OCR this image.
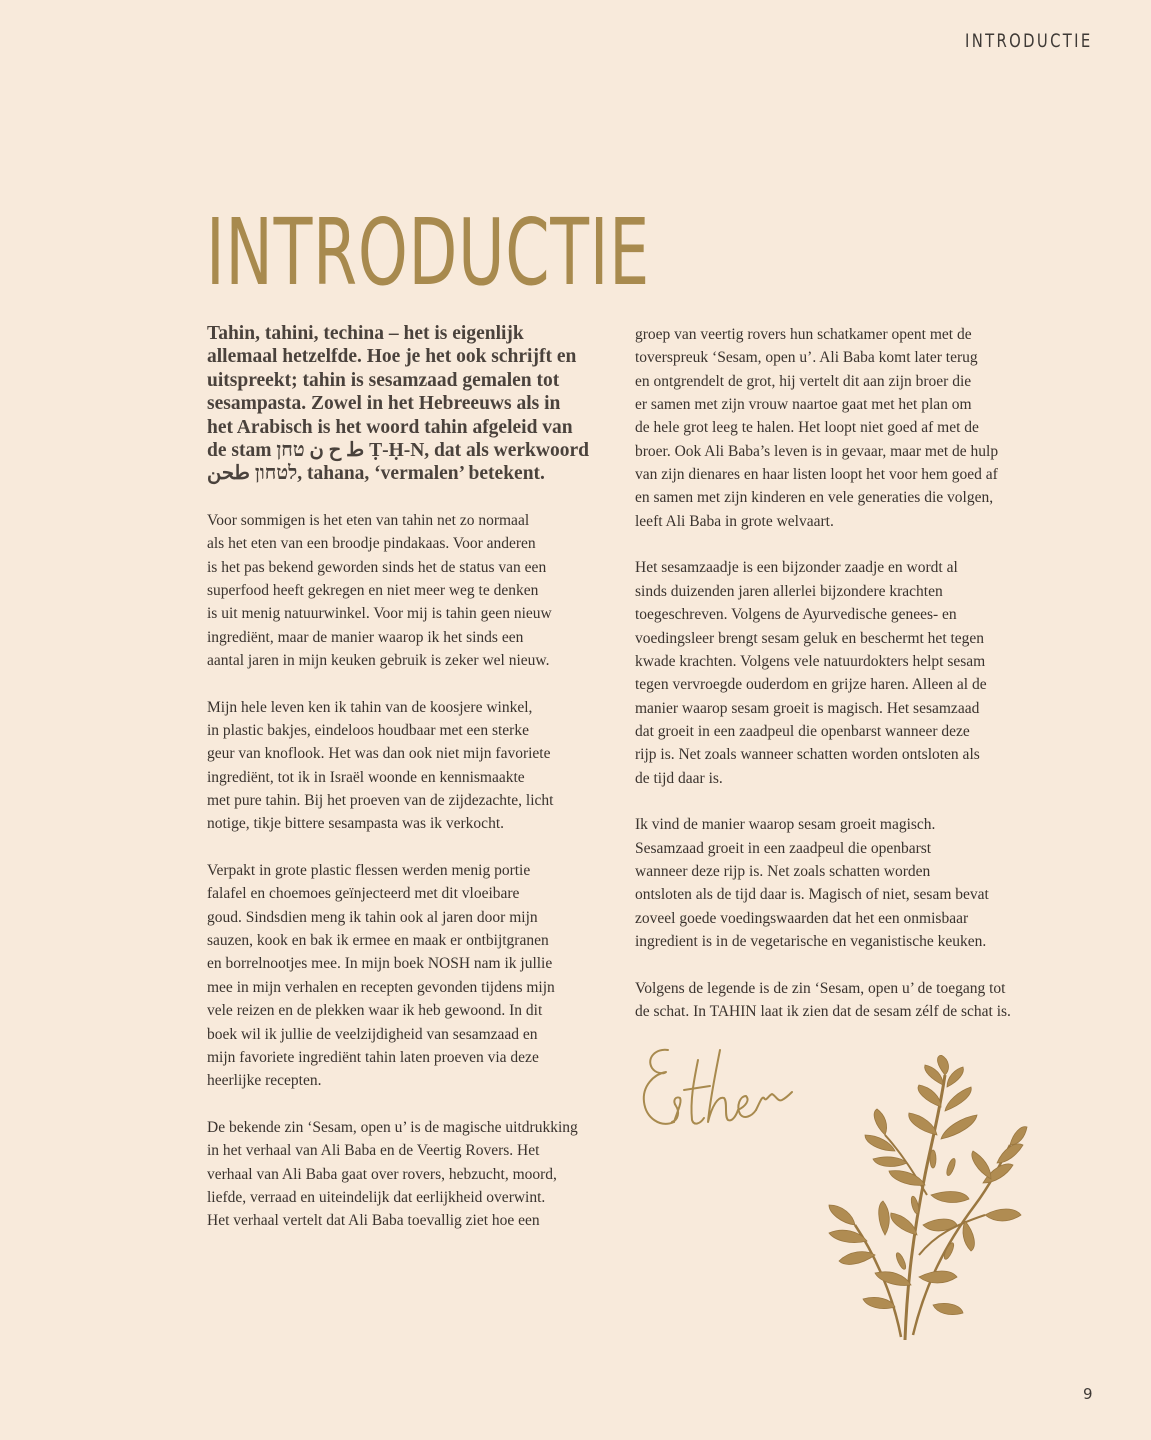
INTRODUCTIE
INTRODUCTIE
Tahin, tahini, techina – het is eigenlijk
allemaal hetzelfde. Hoe je het ook schrijft en
uitspreekt; tahin is sesamzaad gemalen tot
sesampasta. Zowel in het Hebreeuws als in
het Arabisch is het woord tahin afgeleid van
de stam ط ح ن טחן Ṭ-Ḥ-N, dat als werkwoord
לטחון طحن, tahana, ‘vermalen’ betekent.
Voor sommigen is het eten van tahin net zo normaal
als het eten van een broodje pindakaas. Voor anderen
is het pas bekend geworden sinds het de status van een
superfood heeft gekregen en niet meer weg te denken
is uit menig natuurwinkel. Voor mij is tahin geen nieuw
ingrediënt, maar de manier waarop ik het sinds een
aantal jaren in mijn keuken gebruik is zeker wel nieuw.
Mijn hele leven ken ik tahin van de koosjere winkel,
in plastic bakjes, eindeloos houdbaar met een sterke
geur van knoflook. Het was dan ook niet mijn favoriete
ingrediënt, tot ik in Israël woonde en kennismaakte
met pure tahin. Bij het proeven van de zijdezachte, licht
notige, tikje bittere sesampasta was ik verkocht.
Verpakt in grote plastic flessen werden menig portie
falafel en choemoes geïnjecteerd met dit vloeibare
goud. Sindsdien meng ik tahin ook al jaren door mijn
sauzen, kook en bak ik ermee en maak er ontbijtgranen
en borrelnootjes mee. In mijn boek NOSH nam ik jullie
mee in mijn verhalen en recepten gevonden tijdens mijn
vele reizen en de plekken waar ik heb gewoond. In dit
boek wil ik jullie de veelzijdigheid van sesamzaad en
mijn favoriete ingrediënt tahin laten proeven via deze
heerlijke recepten.
De bekende zin ‘Sesam, open u’ is de magische uitdrukking
in het verhaal van Ali Baba en de Veertig Rovers. Het
verhaal van Ali Baba gaat over rovers, hebzucht, moord,
liefde, verraad en uiteindelijk dat eerlijkheid overwint.
Het verhaal vertelt dat Ali Baba toevallig ziet hoe een
groep van veertig rovers hun schatkamer opent met de
toverspreuk ‘Sesam, open u’. Ali Baba komt later terug
en ontgrendelt de grot, hij vertelt dit aan zijn broer die
er samen met zijn vrouw naartoe gaat met het plan om
de hele grot leeg te halen. Het loopt niet goed af met de
broer. Ook Ali Baba’s leven is in gevaar, maar met de hulp
van zijn dienares en haar listen loopt het voor hem goed af
en samen met zijn kinderen en vele generaties die volgen,
leeft Ali Baba in grote welvaart.
Het sesamzaadje is een bijzonder zaadje en wordt al
sinds duizenden jaren allerlei bijzondere krachten
toegeschreven. Volgens de Ayurvedische genees- en
voedingsleer brengt sesam geluk en beschermt het tegen
kwade krachten. Volgens vele natuurdokters helpt sesam
tegen vervroegde ouderdom en grijze haren. Alleen al de
manier waarop sesam groeit is magisch. Het sesamzaad
dat groeit in een zaadpeul die openbarst wanneer deze
rijp is. Net zoals wanneer schatten worden ontsloten als
de tijd daar is.
Ik vind de manier waarop sesam groeit magisch.
Sesamzaad groeit in een zaadpeul die openbarst
wanneer deze rijp is. Net zoals schatten worden
ontsloten als de tijd daar is. Magisch of niet, sesam bevat
zoveel goede voedingswaarden dat het een onmisbaar
ingredient is in de vegetarische en veganistische keuken.
Volgens de legende is de zin ‘Sesam, open u’ de toegang tot
de schat. In TAHIN laat ik zien dat de sesam zélf de schat is.
9
